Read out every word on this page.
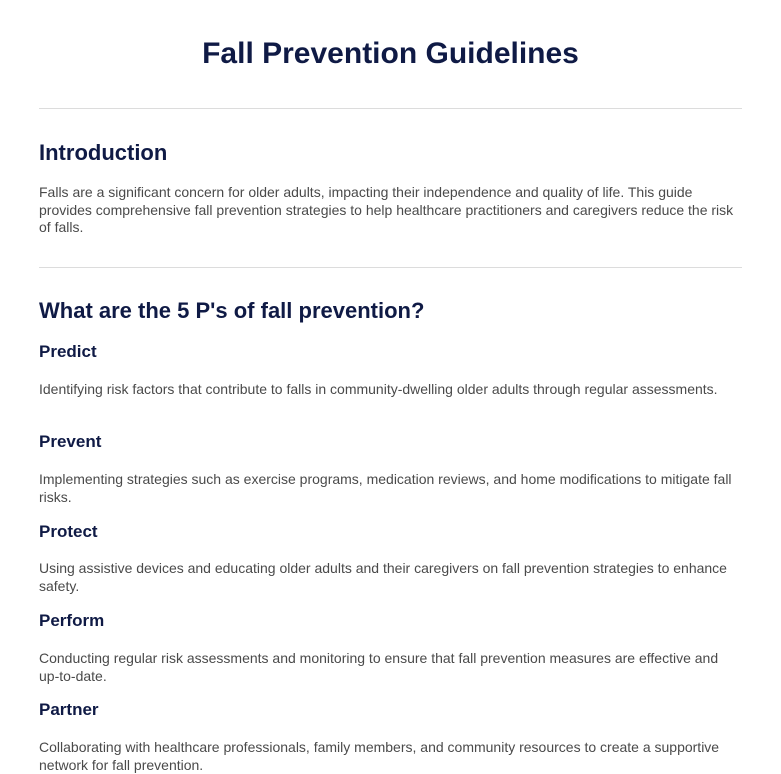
Fall Prevention Guidelines
Introduction

Falls are a significant concern for older adults, impacting their independence and quality of life. This guide provides comprehensive fall prevention strategies to help healthcare practitioners and caregivers reduce the risk of falls.

What are the 5 P's of fall prevention?
Predict

Identifying risk factors that contribute to falls in community-dwelling older adults through regular assessments.

Prevent

Implementing strategies such as exercise programs, medication reviews, and home modifications to mitigate fall risks.

Protect

Using assistive devices and educating older adults and their caregivers on fall prevention strategies to enhance safety.

Perform

Conducting regular risk assessments and monitoring to ensure that fall prevention measures are effective and up-to-date.

Partner

Collaborating with healthcare professionals, family members, and community resources to create a supportive network for fall prevention.
